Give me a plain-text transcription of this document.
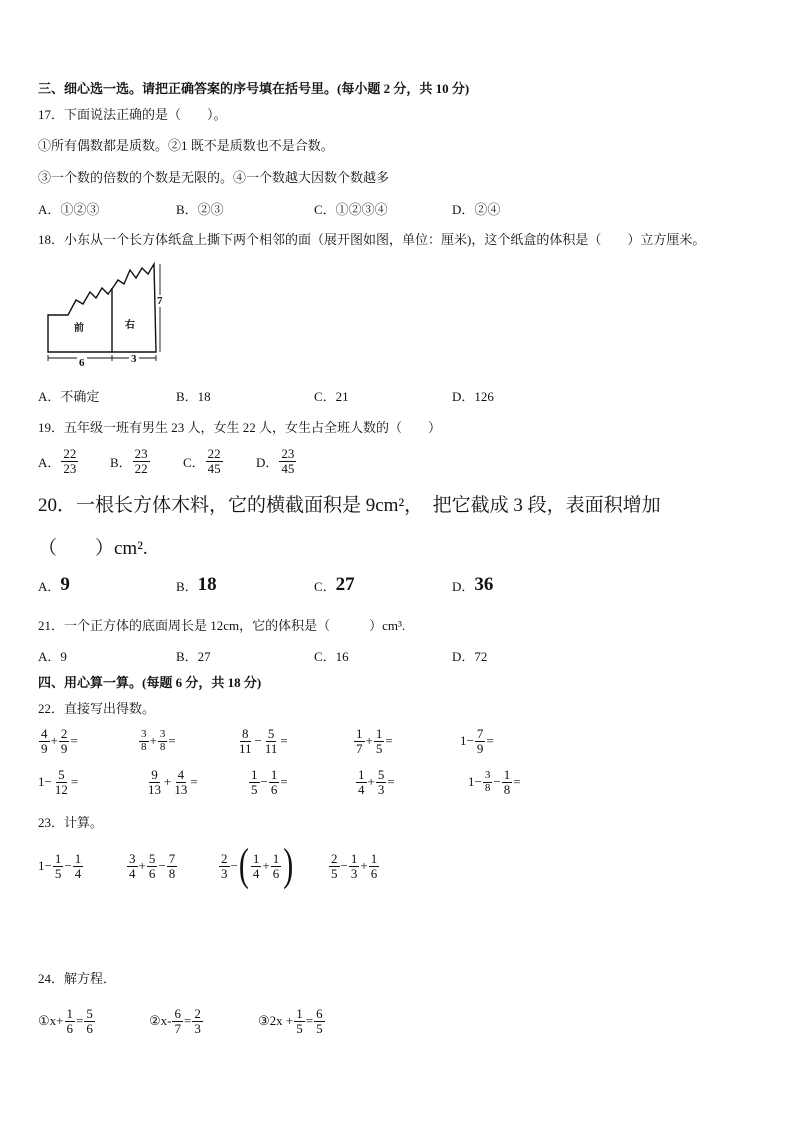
三、细心选一选。请把正确答案的序号填在括号里。(每小题 2 分，共 10 分)
17．下面说法正确的是（　　）。
①所有偶数都是质数。②1 既不是质数也不是合数。
③一个数的倍数的个数是无限的。④一个数越大因数个数越多
A．①②③	B．②③	C．①②③④	D．②④
18．小东从一个长方体纸盒上撕下两个相邻的面（展开图如图，单位：厘米)，这个纸盒的体积是（　　）立方厘米。
前	右
6	3
7
A．不确定	B．18	C．21	D．126
19．五年级一班有男生 23 人，女生 22 人，女生占全班人数的（　　）
A． $\frac{22}{23}$ B． $\frac{23}{22}$	C． $\frac{22}{45}$	D． $\frac{23}{45}$
20．一根长方体木料，它的横截面积是 9cm²，　把它截成 3 段，表面积增加
（　　）cm².
A． 9	B． 18	C． 27	D． 36
21．一个正方体的底面周长是 12cm，它的体积是（　　　）cm³.
A．9	B．27	C．16	D．72
四、用心算一算。(每题 6 分，共 18 分)
22．直接写出得数。
$\frac{4}{9} + \frac{2}{9}$ =	$\frac{3}{8} + \frac{3}{8}$ =	$\frac{8}{11} - \frac{5}{11}$ =	$\frac{1}{7} + \frac{1}{5}$ =	$1- \frac{7}{9}$ =
$1- \frac{5}{12}$ =	$\frac{9}{13} + \frac{4}{13}$ =	$\frac{1}{5} - \frac{1}{6}$ =	$\frac{1}{4} + \frac{5}{3}$ =	$1- \frac{3}{8} - \frac{1}{8}$ =
23．计算。
$1- \frac{1}{5} - \frac{1}{4}$	$\frac{3}{4} + \frac{5}{6} - \frac{7}{8}$	$\frac{2}{3}$ − ( $\frac{1}{4} + \frac{1}{6}$ )	$\frac{2}{5} - \frac{1}{3} + \frac{1}{6}$
24．解方程．
①x+ $\frac{1}{6} = \frac{5}{6}$	②x- $\frac{6}{7} = \frac{2}{3}$	③2x + $\frac{1}{5} = \frac{6}{5}$
